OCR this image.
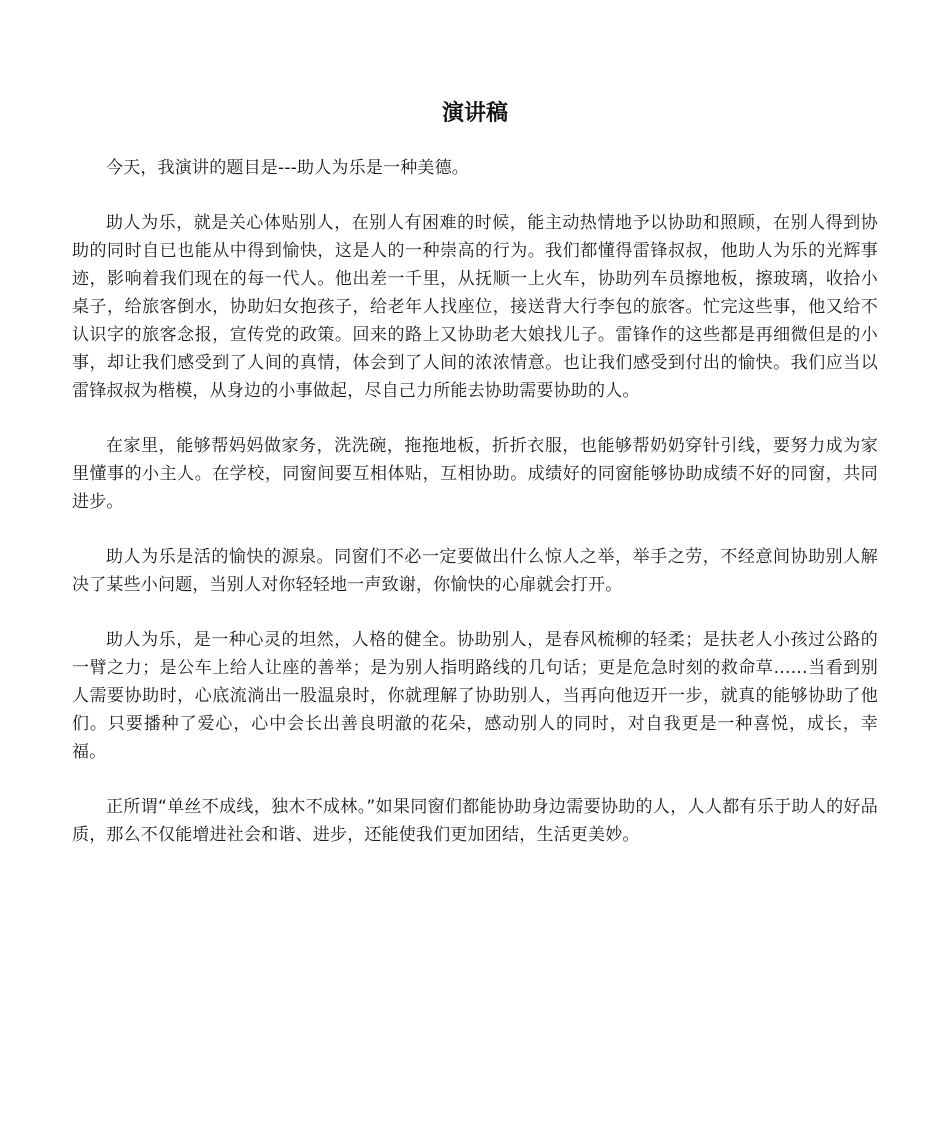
演讲稿

今天，我演讲的题目是---助人为乐是一种美德。

助人为乐，就是关心体贴别人，在别人有困难的时候，能主动热情地予以协助和照顾，在别人得到协助的同时自已也能从中得到愉快，这是人的一种崇高的行为。我们都懂得雷锋叔叔，他助人为乐的光辉事迹，影响着我们现在的每一代人。他出差一千里，从抚顺一上火车，协助列车员擦地板，擦玻璃，收拾小桌子，给旅客倒水，协助妇女抱孩子，给老年人找座位，接送背大行李包的旅客。忙完这些事，他又给不认识字的旅客念报，宣传党的政策。回来的路上又协助老大娘找儿子。雷锋作的这些都是再细微但是的小事，却让我们感受到了人间的真情，体会到了人间的浓浓情意。也让我们感受到付出的愉快。我们应当以雷锋叔叔为楷模，从身边的小事做起，尽自己力所能去协助需要协助的人。

在家里，能够帮妈妈做家务，洗洗碗，拖拖地板，折折衣服，也能够帮奶奶穿针引线，要努力成为家里懂事的小主人。在学校，同窗间要互相体贴，互相协助。成绩好的同窗能够协助成绩不好的同窗，共同进步。

助人为乐是活的愉快的源泉。同窗们不必一定要做出什么惊人之举，举手之劳，不经意间协助别人解决了某些小问题，当别人对你轻轻地一声致谢，你愉快的心扉就会打开。

助人为乐，是一种心灵的坦然，人格的健全。协助别人，是春风梳柳的轻柔；是扶老人小孩过公路的一臂之力；是公车上给人让座的善举；是为别人指明路线的几句话；更是危急时刻的救命草……当看到别人需要协助时，心底流淌出一股温泉时，你就理解了协助别人，当再向他迈开一步，就真的能够协助了他们。只要播种了爱心，心中会长出善良明澈的花朵，感动别人的同时，对自我更是一种喜悦，成长，幸福。

正所谓“单丝不成线，独木不成林。”如果同窗们都能协助身边需要协助的人，人人都有乐于助人的好品质，那么不仅能增进社会和谐、进步，还能使我们更加团结，生活更美妙。
